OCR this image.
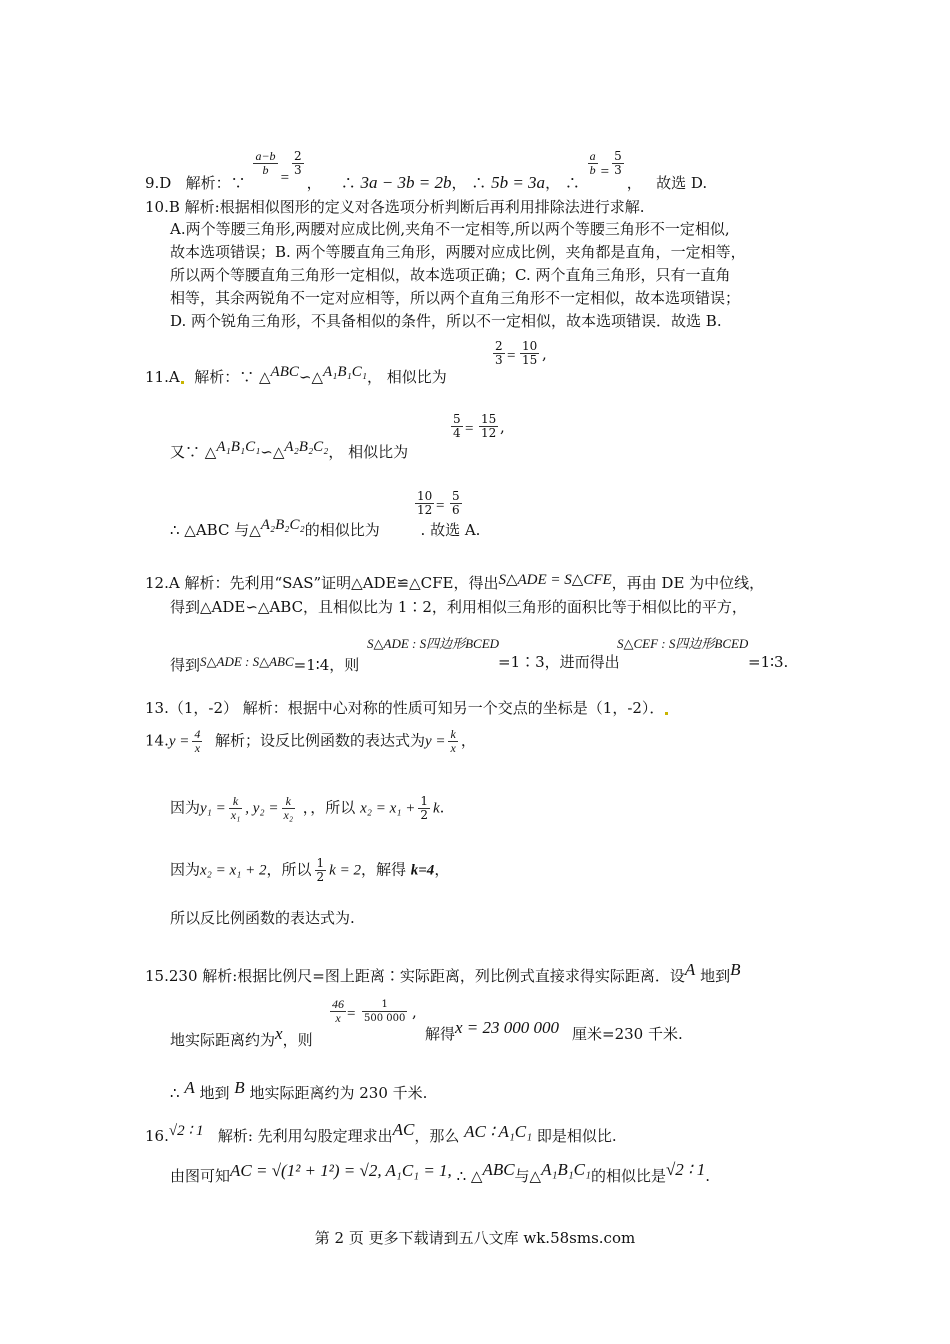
9.D 解析：∵
$\frac{a-b}{b}$
=
$\frac{2}{3}$
，    ∴ 3a − 3b = 2b， ∴ 5b = 3a， ∴
$\frac{a}{b} = \frac{5}{3}$
，   故选 D.
10.B 解析:根据相似图形的定义对各选项分析判断后再利用排除法进行求解.
A.两个等腰三角形,两腰对应成比例,夹角不一定相等,所以两个等腰三角形不一定相似,
故本选项错误；B. 两个等腰直角三角形，两腰对应成比例，夹角都是直角，一定相等，
所以两个等腰直角三角形一定相似，故本选项正确；C. 两个直角三角形，只有一直角
相等，其余两锐角不一定对应相等，所以两个直角三角形不一定相似，故本选项错误；
D. 两个锐角三角形，不具备相似的条件，所以不一定相似，故本选项错误．故选 B.
2
3 =
10
15 ,
11.A 解析：∵ △ABC∽△A₁B₁C₁， 相似比为
5
4 =
15
12 ,
又∵ △A₁B₁C₁∽△A₂B₂C₂， 相似比为
10
12 =
5
6
∴ △ABC 与△A₂B₂C₂的相似比为	. 故选 A.
12.A 解析：先利用“SAS”证明△ADE≌△CFE，得出S△ADE = S△CFE，再由 DE 为中位线，
得到△ADE∽△ABC，且相似比为 1∶2，利用相似三角形的面积比等于相似比的平方，
得到S△ADE : S△ABC=1∶4，则
S△ADE : S四边形BCED
=1∶3，进而得出
S△CEF : S四边形BCED
=1∶3.
13.（1，-2） 解析：根据中心对称的性质可知另一个交点的坐标是（1，-2）．
$14.y = \frac{4}{x}$ 解析；设反比例函数的表达式为$y = \frac{k}{x}$ ，
因为$y_1 = \frac{k}{\text{x₁}}$ , $y_2 = \frac{k}{\text{x₂}}$ ，，所以 $x_2 = x_1 + \frac{1}{2} k$.
因为x₂ = x₁ + 2，所以 $\frac{1}{2}$ k = 2，解得 k=4，
所以反比例函数的表达式为.
15.230 解析:根据比例尺=图上距离∶实际距离，列比例式直接求得实际距离．设A 地到B
46
x =
1
500 000 ,
地实际距离约为x，则	解得 x = 23 000 000 厘米=230 千米.
∴ A 地到 B 地实际距离约为 230 千米.
16.√2 ∶ 1 解析: 先利用勾股定理求出AC，那么 AC ∶ A₁C₁ 即是相似比.
由图可知AC = √(1² + 1²) = √2, A₁C₁ = 1, ∴ △ABC与△A₁B₁C₁的相似比是√2 ∶ 1.
第 2 页 更多下载请到五八文库 wk.58sms.com
